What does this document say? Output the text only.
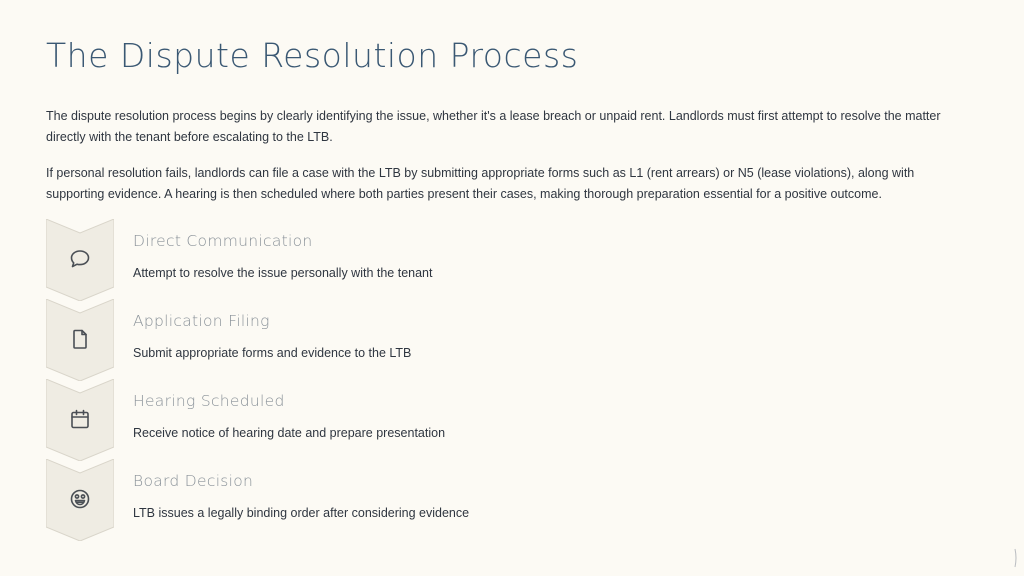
The Dispute Resolution Process

The dispute resolution process begins by clearly identifying the issue, whether it's a lease breach or unpaid rent. Landlords must first attempt to resolve the matter directly with the tenant before escalating to the LTB.

If personal resolution fails, landlords can file a case with the LTB by submitting appropriate forms such as L1 (rent arrears) or N5 (lease violations), along with supporting evidence. A hearing is then scheduled where both parties present their cases, making thorough preparation essential for a positive outcome.

Direct Communication
Attempt to resolve the issue personally with the tenant
Application Filing
Submit appropriate forms and evidence to the LTB
Hearing Scheduled
Receive notice of hearing date and prepare presentation
Board Decision
LTB issues a legally binding order after considering evidence
